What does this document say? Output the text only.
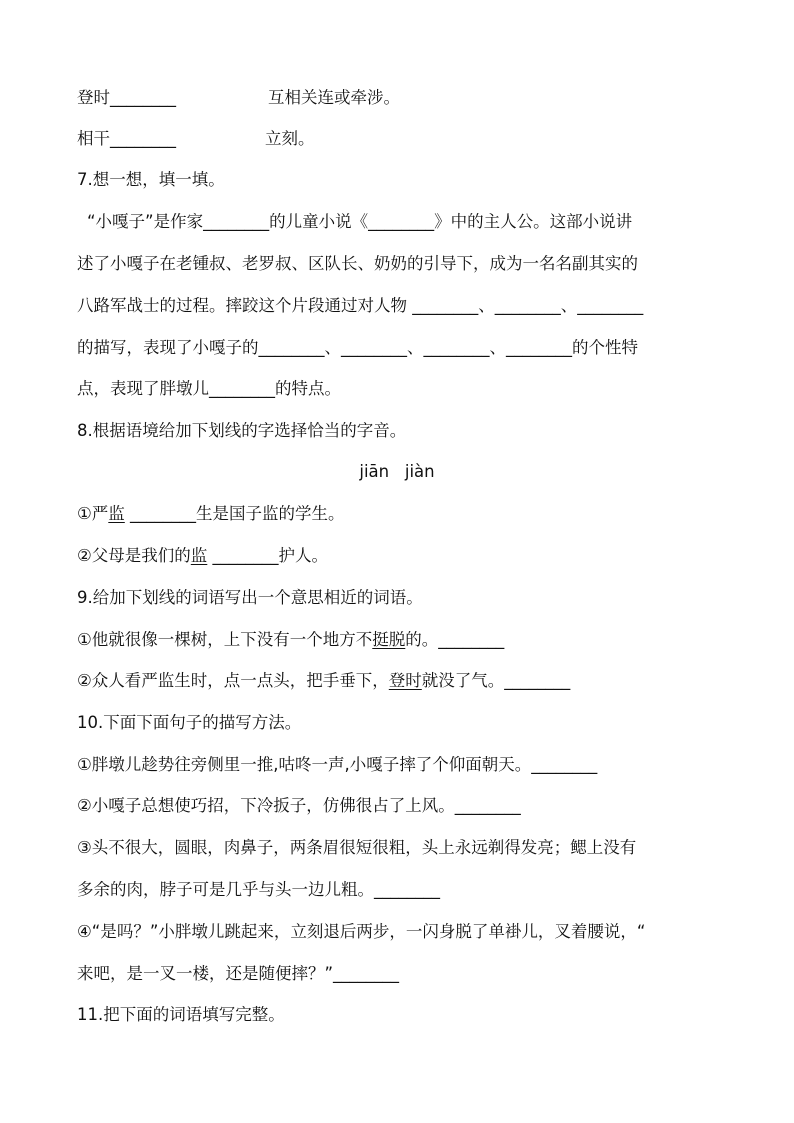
登时________	互相关连或牵涉。
相干________	立刻。
7.想一想，填一填。
“小嘎子”是作家________的儿童小说《________》中的主人公。这部小说讲
述了小嘎子在老锺叔、老罗叔、区队长、奶奶的引导下，成为一名名副其实的
八路军战士的过程。摔跤这个片段通过对人物 ________、________、________
的描写，表现了小嘎子的________、________、________、________的个性特
点，表现了胖墩儿________的特点。
8.根据语境给加下划线的字选择恰当的字音。
jiān   jiàn
①严监 ________生是国子监的学生。
②父母是我们的监 ________护人。
9.给加下划线的词语写出一个意思相近的词语。
①他就很像一棵树，上下没有一个地方不挺脱的。________
②众人看严监生时，点一点头，把手垂下，登时就没了气。________
10.下面下面句子的描写方法。
①胖墩儿趁势往旁侧里一推,咕咚一声,小嘎子摔了个仰面朝天。________
②小嘎子总想使巧招，下冷扳子，仿佛很占了上风。________
③头不很大，圆眼，肉鼻子，两条眉很短很粗，头上永远剃得发亮；鳃上没有
多余的肉，脖子可是几乎与头一边儿粗。________
④“是吗？”小胖墩儿跳起来，立刻退后两步，一闪身脱了单褂儿，叉着腰说，“
来吧，是一叉一楼，还是随便摔？”________
11.把下面的词语填写完整。
